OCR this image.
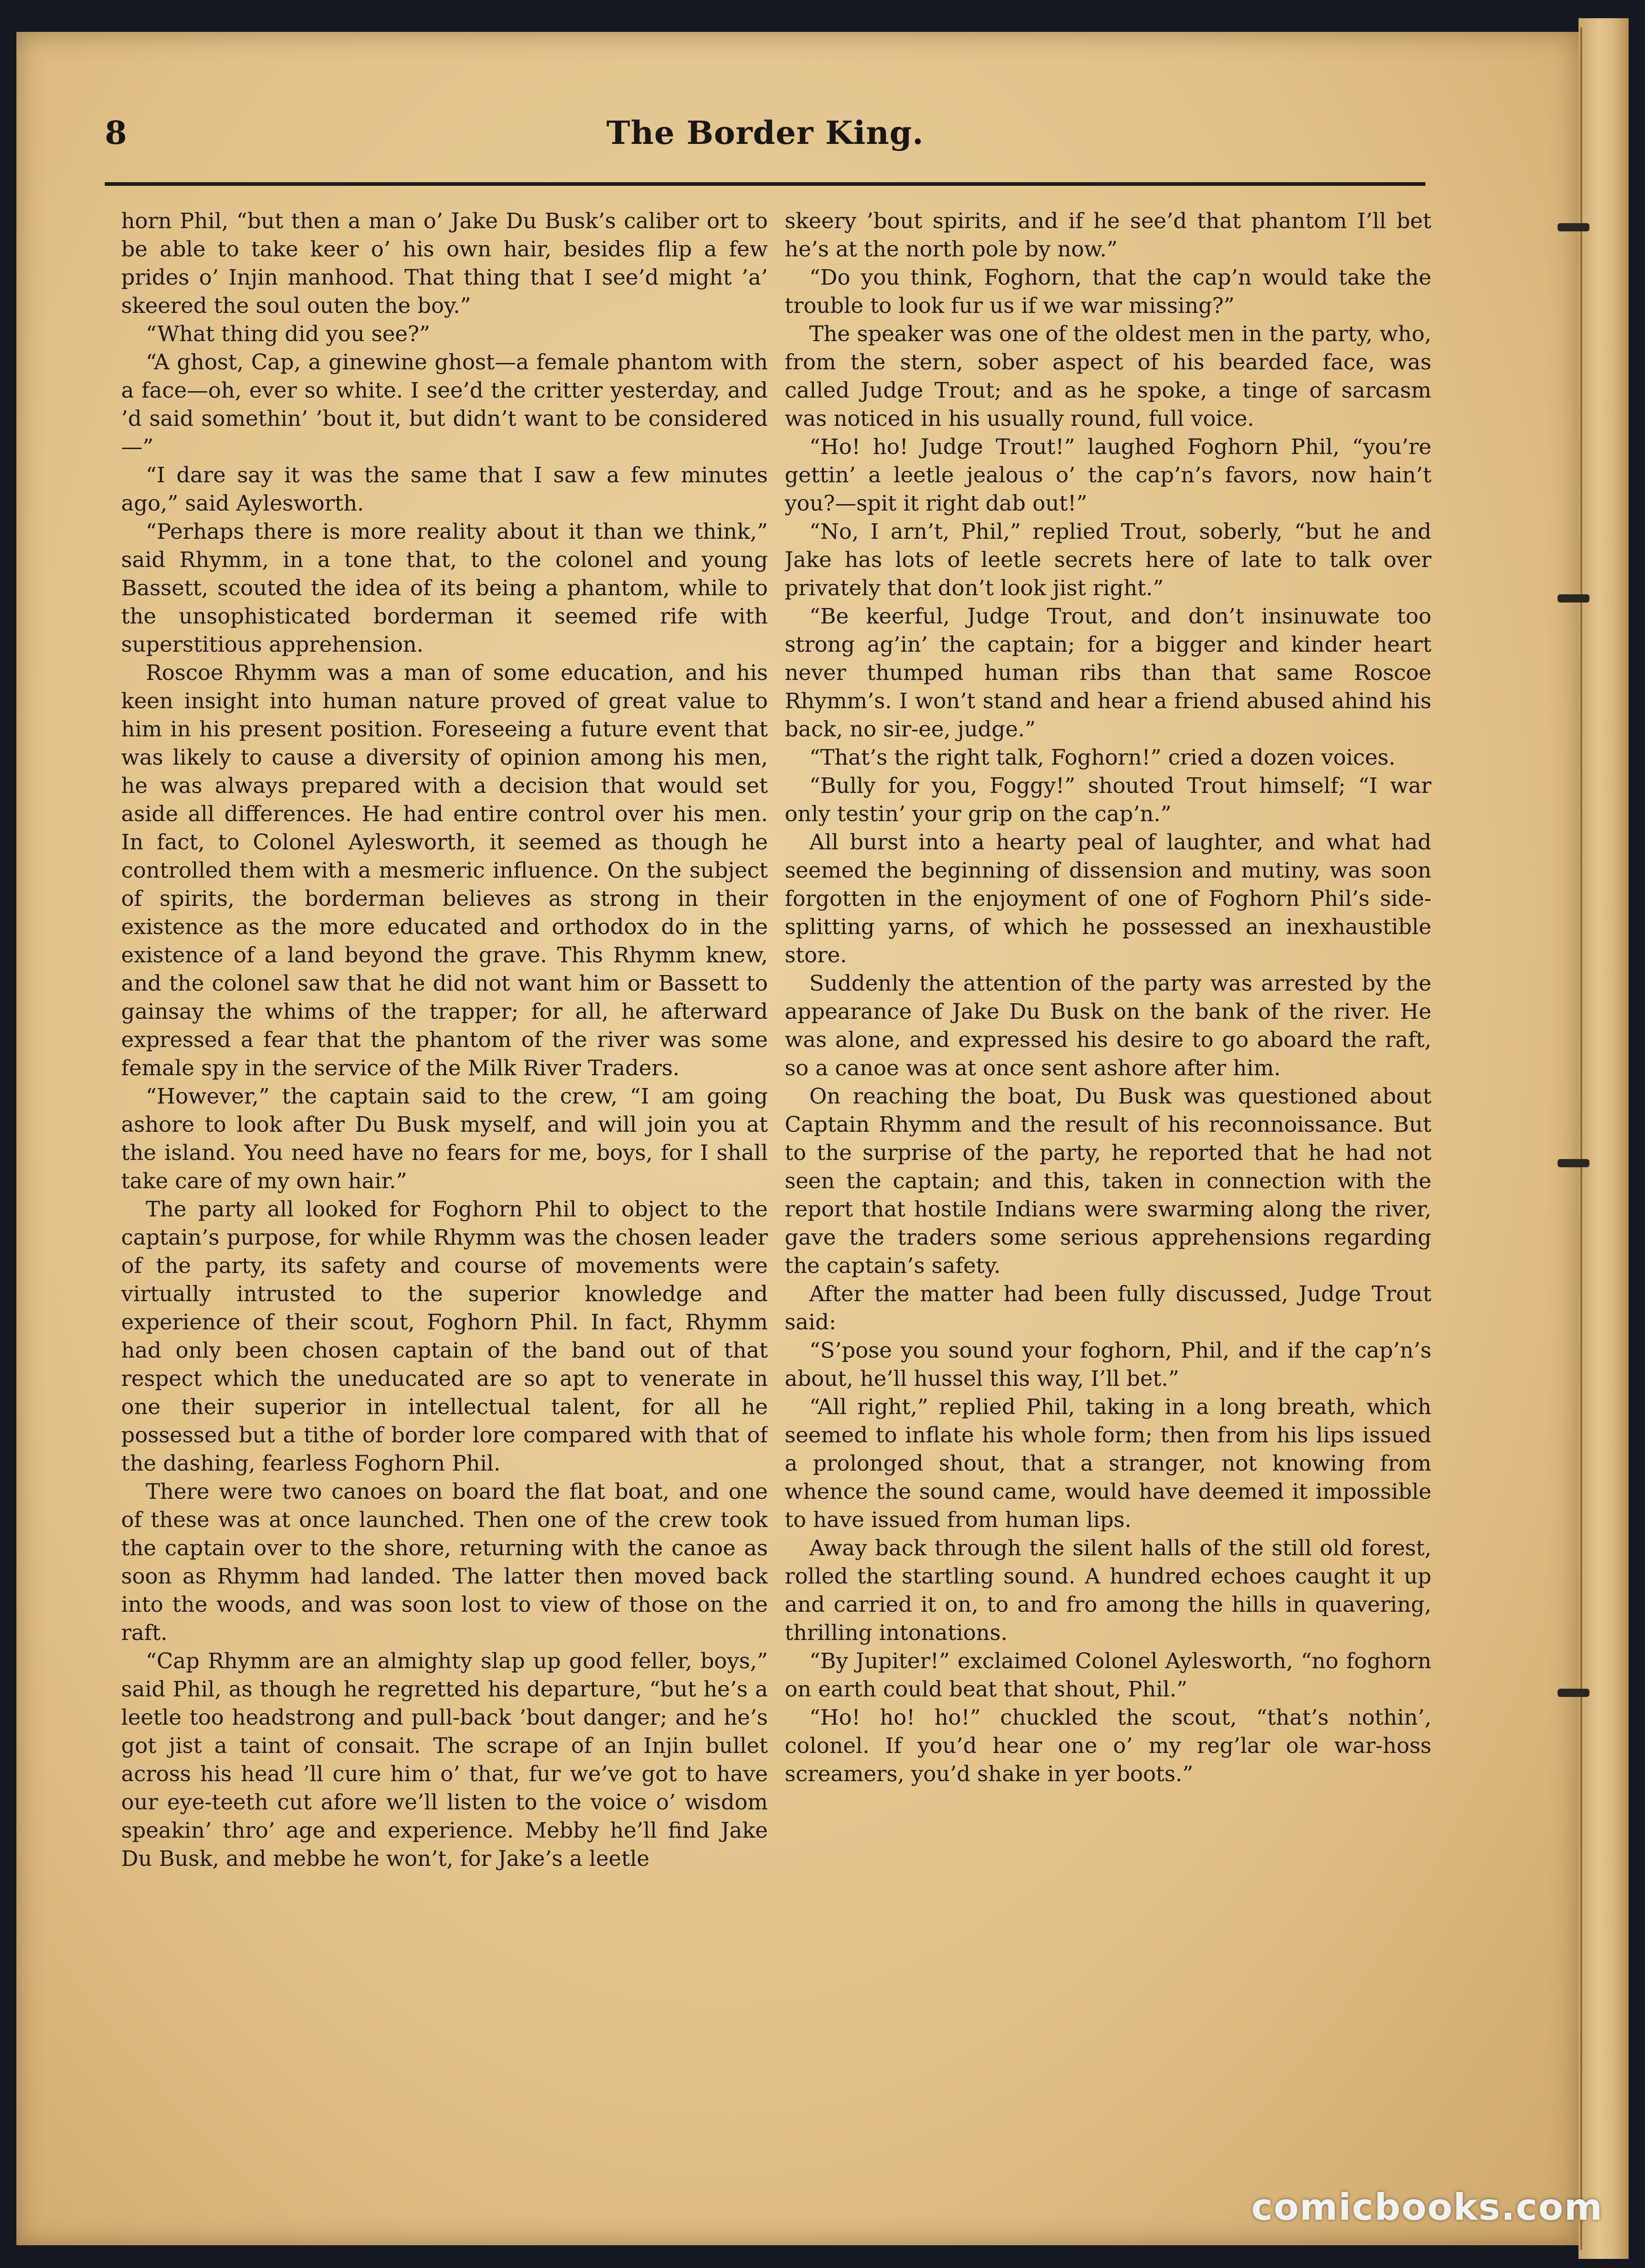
8	The Border King.

horn Phil, “but then a man o’ Jake Du Busk’s caliber ort to be able to take keer o’ his own hair, besides flip a few prides o’ Injin manhood. That thing that I see’d might ’a’ skeered the soul outen the boy.”

“What thing did you see?”

“A ghost, Cap, a ginewine ghost—a female phantom with a face—oh, ever so white. I see’d the critter yesterday, and ’d said somethin’ ’bout it, but didn’t want to be considered—”

“I dare say it was the same that I saw a few minutes ago,” said Aylesworth.

“Perhaps there is more reality about it than we think,” said Rhymm, in a tone that, to the colonel and young Bassett, scouted the idea of its being a phantom, while to the unsophisticated borderman it seemed rife with superstitious apprehension.

Roscoe Rhymm was a man of some education, and his keen insight into human nature proved of great value to him in his present position. Foreseeing a future event that was likely to cause a diversity of opinion among his men, he was always prepared with a decision that would set aside all differences. He had entire control over his men. In fact, to Colonel Aylesworth, it seemed as though he controlled them with a mesmeric influence. On the subject of spirits, the borderman believes as strong in their existence as the more educated and orthodox do in the existence of a land beyond the grave. This Rhymm knew, and the colonel saw that he did not want him or Bassett to gainsay the whims of the trapper; for all, he afterward expressed a fear that the phantom of the river was some female spy in the service of the Milk River Traders.

“However,” the captain said to the crew, “I am going ashore to look after Du Busk myself, and will join you at the island. You need have no fears for me, boys, for I shall take care of my own hair.”

The party all looked for Foghorn Phil to object to the captain’s purpose, for while Rhymm was the chosen leader of the party, its safety and course of movements were virtually intrusted to the superior knowledge and experience of their scout, Foghorn Phil. In fact, Rhymm had only been chosen captain of the band out of that respect which the uneducated are so apt to venerate in one their superior in intellectual talent, for all he possessed but a tithe of border lore compared with that of the dashing, fearless Foghorn Phil.

There were two canoes on board the flat boat, and one of these was at once launched. Then one of the crew took the captain over to the shore, returning with the canoe as soon as Rhymm had landed. The latter then moved back into the woods, and was soon lost to view of those on the raft.

“Cap Rhymm are an almighty slap up good feller, boys,” said Phil, as though he regretted his departure, “but he’s a leetle too headstrong and pull-back ’bout danger; and he’s got jist a taint of consait. The scrape of an Injin bullet across his head ’ll cure him o’ that, fur we’ve got to have our eye-teeth cut afore we’ll listen to the voice o’ wisdom speakin’ thro’ age and experience. Mebby he’ll find Jake Du Busk, and mebbe he won’t, for Jake’s a leetle

skeery ’bout spirits, and if he see’d that phantom I’ll bet he’s at the north pole by now.”

“Do you think, Foghorn, that the cap’n would take the trouble to look fur us if we war missing?”

The speaker was one of the oldest men in the party, who, from the stern, sober aspect of his bearded face, was called Judge Trout; and as he spoke, a tinge of sarcasm was noticed in his usually round, full voice.

“Ho! ho! Judge Trout!” laughed Foghorn Phil, “you’re gettin’ a leetle jealous o’ the cap’n’s favors, now hain’t you?—spit it right dab out!”

“No, I arn’t, Phil,” replied Trout, soberly, “but he and Jake has lots of leetle secrets here of late to talk over privately that don’t look jist right.”

“Be keerful, Judge Trout, and don’t insinuwate too strong ag’in’ the captain; for a bigger and kinder heart never thumped human ribs than that same Roscoe Rhymm’s. I won’t stand and hear a friend abused ahind his back, no sir-ee, judge.”

“That’s the right talk, Foghorn!” cried a dozen voices.

“Bully for you, Foggy!” shouted Trout himself; “I war only testin’ your grip on the cap’n.”

All burst into a hearty peal of laughter, and what had seemed the beginning of dissension and mutiny, was soon forgotten in the enjoyment of one of Foghorn Phil’s side-splitting yarns, of which he possessed an inexhaustible store.

Suddenly the attention of the party was arrested by the appearance of Jake Du Busk on the bank of the river. He was alone, and expressed his desire to go aboard the raft, so a canoe was at once sent ashore after him.

On reaching the boat, Du Busk was questioned about Captain Rhymm and the result of his reconnoissance. But to the surprise of the party, he reported that he had not seen the captain; and this, taken in connection with the report that hostile Indians were swarming along the river, gave the traders some serious apprehensions regarding the captain’s safety.

After the matter had been fully discussed, Judge Trout said:

“S’pose you sound your foghorn, Phil, and if the cap’n’s about, he’ll hussel this way, I’ll bet.”

“All right,” replied Phil, taking in a long breath, which seemed to inflate his whole form; then from his lips issued a prolonged shout, that a stranger, not knowing from whence the sound came, would have deemed it impossible to have issued from human lips.

Away back through the silent halls of the still old forest, rolled the startling sound. A hundred echoes caught it up and carried it on, to and fro among the hills in quavering, thrilling intonations.

“By Jupiter!” exclaimed Colonel Aylesworth, “no foghorn on earth could beat that shout, Phil.”

“Ho! ho! ho!” chuckled the scout, “that’s nothin’, colonel. If you’d hear one o’ my reg’lar ole war-hoss screamers, you’d shake in yer boots.”

comicbooks.com
